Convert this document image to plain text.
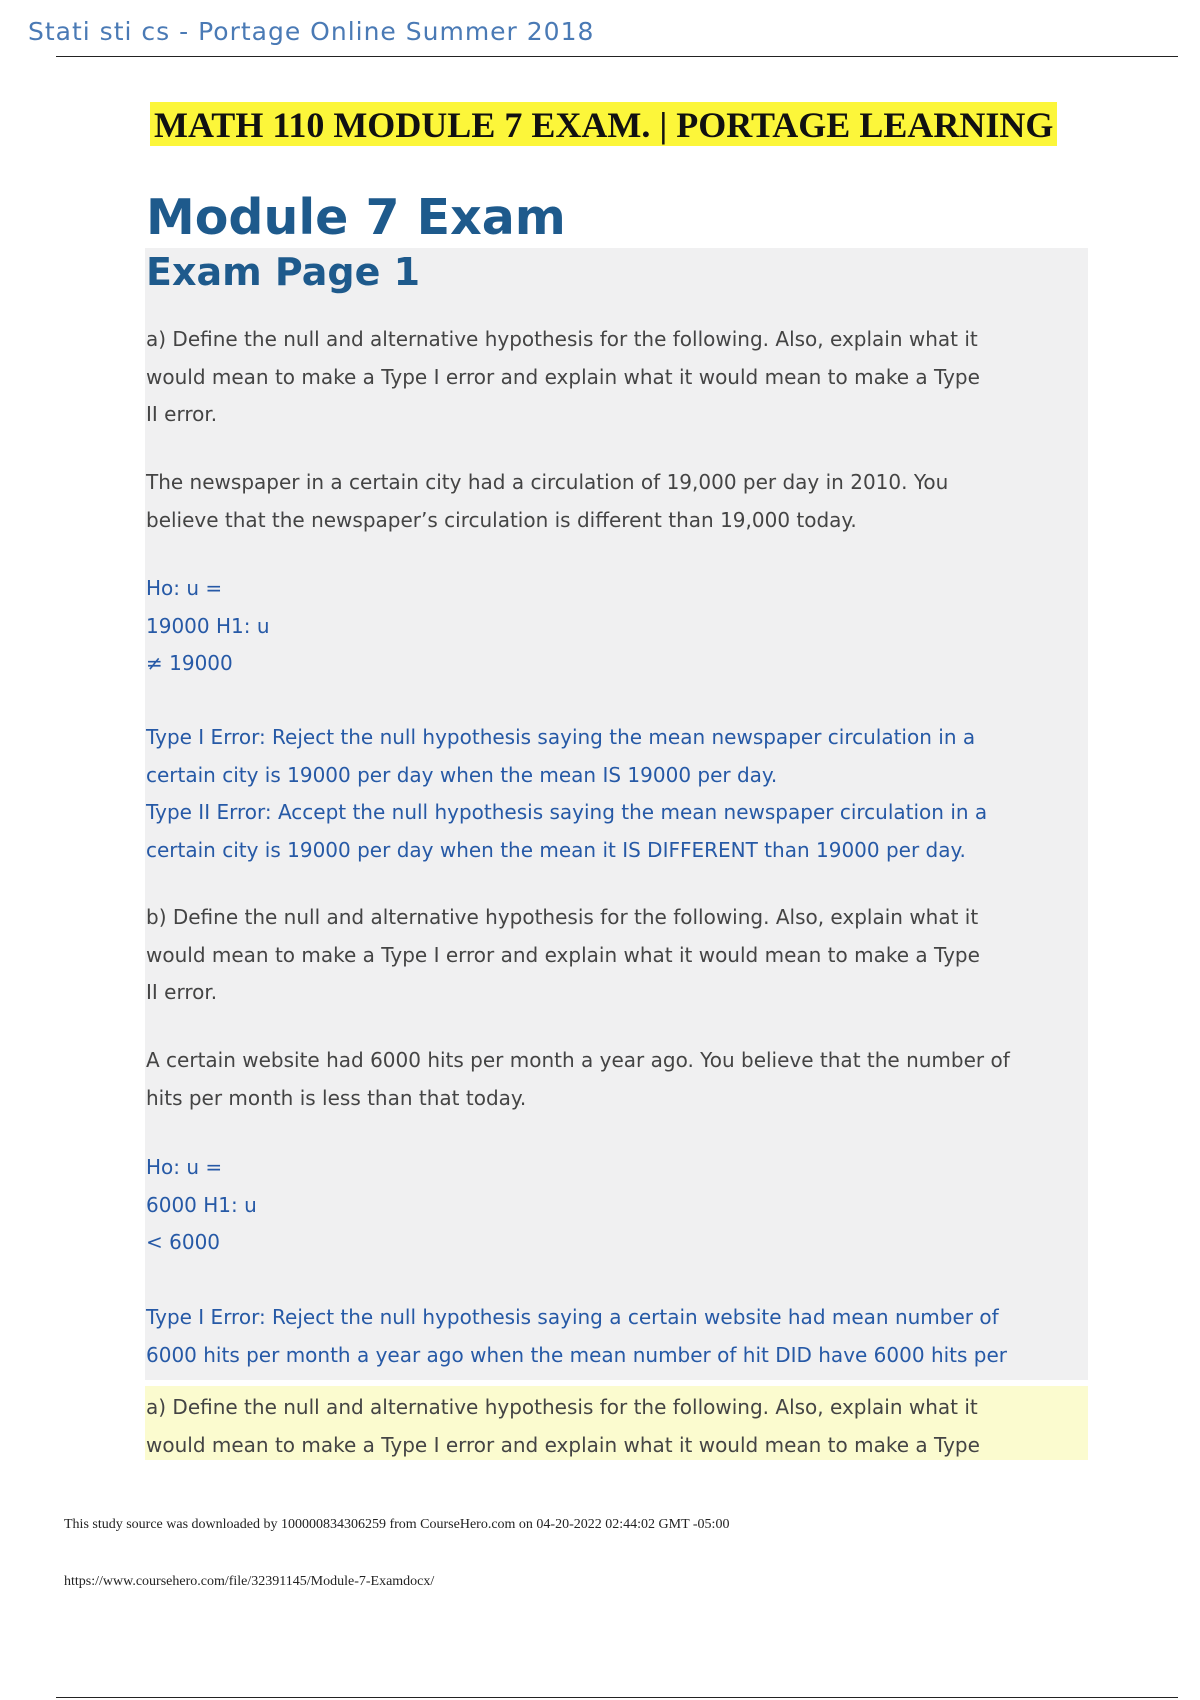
Stati sti cs - Portage Online Summer 2018
MATH 110 MODULE 7 EXAM. | PORTAGE LEARNING
Module 7 Exam
Exam Page 1
a) Define the null and alternative hypothesis for the following. Also, explain what it
would mean to make a Type I error and explain what it would mean to make a Type
II error.
The newspaper in a certain city had a circulation of 19,000 per day in 2010. You
believe that the newspaper’s circulation is different than 19,000 today.
Ho: u =
19000 H1: u
≠ 19000
Type I Error: Reject the null hypothesis saying the mean newspaper circulation in a
certain city is 19000 per day when the mean IS 19000 per day.
Type II Error: Accept the null hypothesis saying the mean newspaper circulation in a
certain city is 19000 per day when the mean it IS DIFFERENT than 19000 per day.
b) Define the null and alternative hypothesis for the following. Also, explain what it
would mean to make a Type I error and explain what it would mean to make a Type
II error.
A certain website had 6000 hits per month a year ago. You believe that the number of
hits per month is less than that today.
Ho: u =
6000 H1: u
< 6000
Type I Error: Reject the null hypothesis saying a certain website had mean number of
6000 hits per month a year ago when the mean number of hit DID have 6000 hits per
a) Define the null and alternative hypothesis for the following. Also, explain what it
would mean to make a Type I error and explain what it would mean to make a Type
This study source was downloaded by 100000834306259 from CourseHero.com on 04-20-2022 02:44:02 GMT -05:00
https://www.coursehero.com/file/32391145/Module-7-Examdocx/
